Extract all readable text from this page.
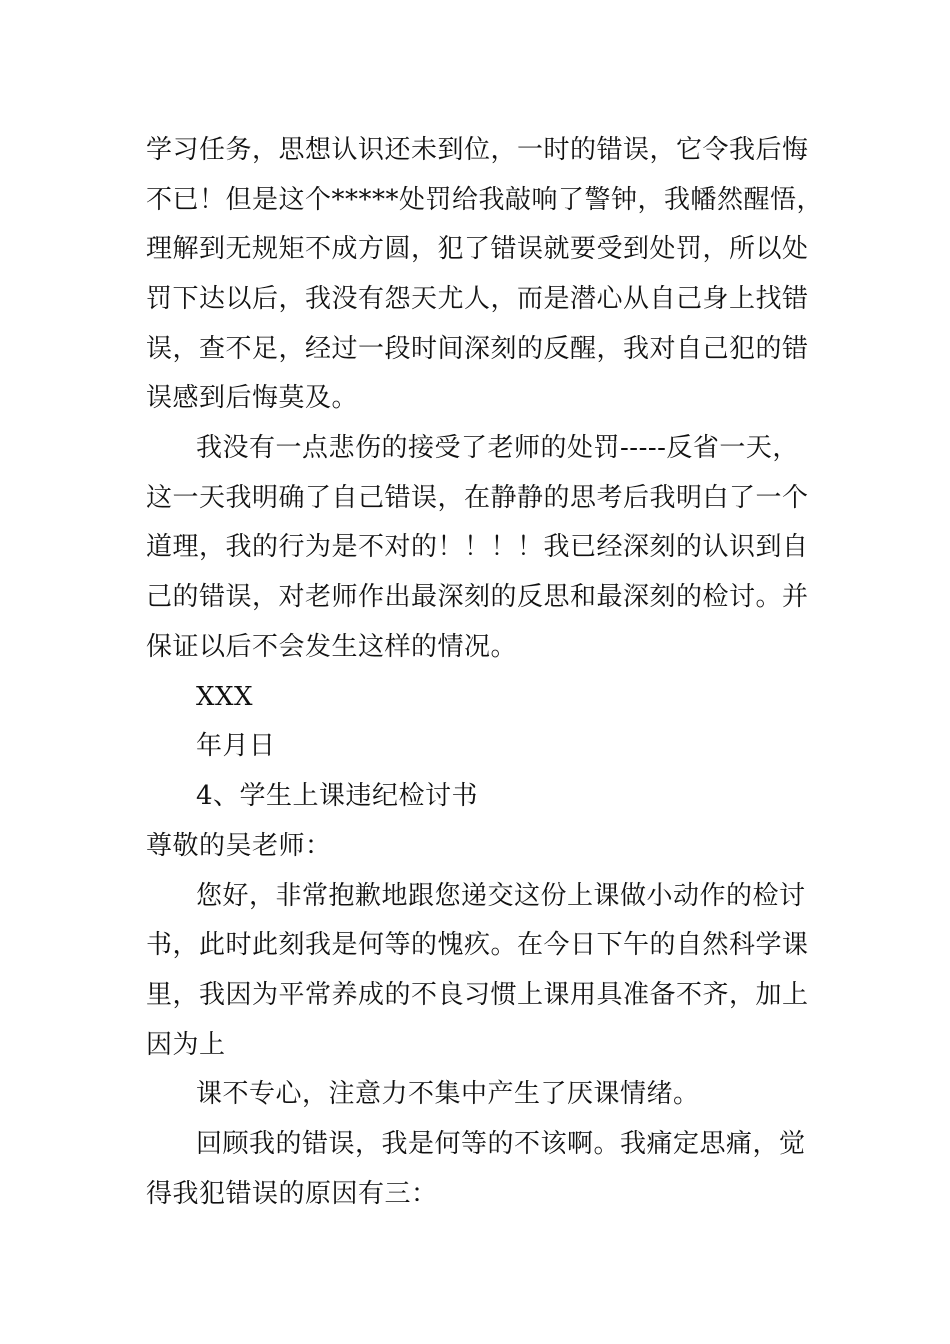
学习任务，思想认识还未到位，一时的错误，它令我后悔
不已！但是这个*****处罚给我敲响了警钟，我幡然醒悟，
理解到无规矩不成方圆，犯了错误就要受到处罚，所以处
罚下达以后，我没有怨天尤人，而是潜心从自己身上找错
误，查不足，经过一段时间深刻的反醒，我对自己犯的错
误感到后悔莫及。
我没有一点悲伤的接受了老师的处罚-----反省一天，
这一天我明确了自己错误，在静静的思考后我明白了一个
道理，我的行为是不对的！！！！我已经深刻的认识到自
己的错误，对老师作出最深刻的反思和最深刻的检讨。并
保证以后不会发生这样的情况。
XXX
年月日
4、学生上课违纪检讨书
尊敬的吴老师：
您好，非常抱歉地跟您递交这份上课做小动作的检讨
书，此时此刻我是何等的愧疚。在今日下午的自然科学课
里，我因为平常养成的不良习惯上课用具准备不齐，加上
因为上
课不专心，注意力不集中产生了厌课情绪。
回顾我的错误，我是何等的不该啊。我痛定思痛，觉
得我犯错误的原因有三：
